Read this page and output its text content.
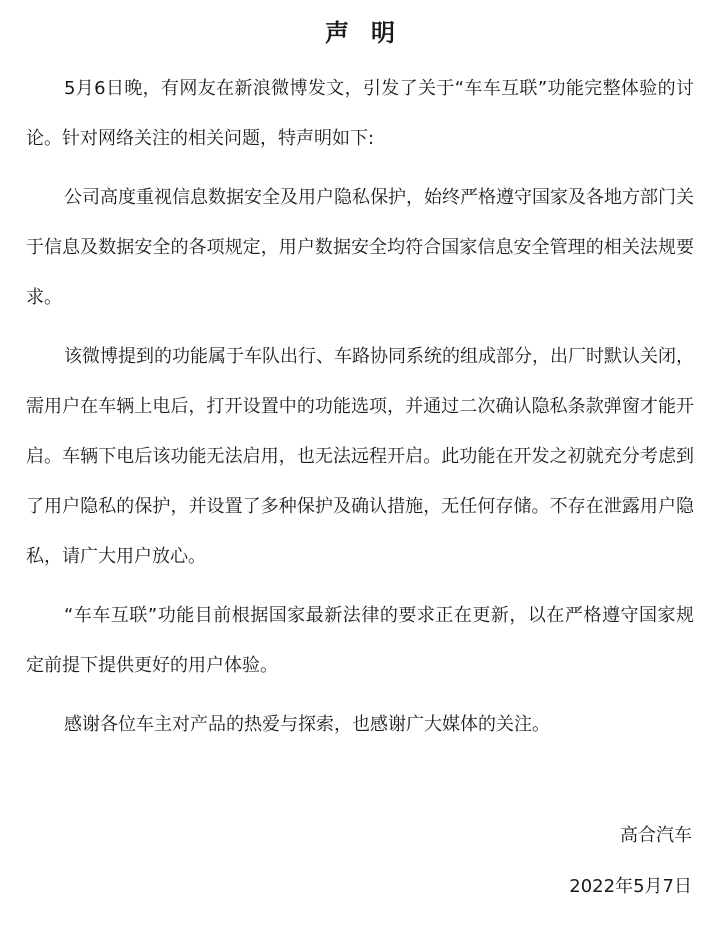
声明

5月6日晚，有网友在新浪微博发文，引发了关于“车车互联”功能完整体验的讨论。针对网络关注的相关问题，特声明如下:

公司高度重视信息数据安全及用户隐私保护，始终严格遵守国家及各地方部门关于信息及数据安全的各项规定，用户数据安全均符合国家信息安全管理的相关法规要求。

该微博提到的功能属于车队出行、车路协同系统的组成部分，出厂时默认关闭，需用户在车辆上电后，打开设置中的功能选项，并通过二次确认隐私条款弹窗才能开启。车辆下电后该功能无法启用，也无法远程开启。此功能在开发之初就充分考虑到了用户隐私的保护，并设置了多种保护及确认措施，无任何存储。不存在泄露用户隐私，请广大用户放心。

“车车互联”功能目前根据国家最新法律的要求正在更新，以在严格遵守国家规定前提下提供更好的用户体验。

感谢各位车主对产品的热爱与探索，也感谢广大媒体的关注。

高合汽车
2022年5月7日
